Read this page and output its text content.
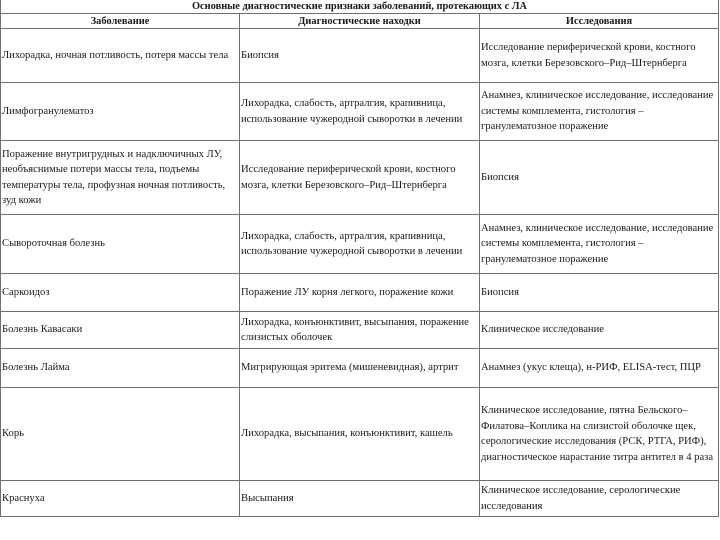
Основные диагностические признаки заболеваний, протекающих с ЛА		
Заболевание	Диагностические находки	Исследования
Лихорадка, ночная потливость, потеря массы тела	Биопсия	Исследование периферической крови, костного мозга, клетки Березовского–Рид–Штернберга
Лимфогранулематоз	Лихорадка, слабость, артралгия, крапивница, использование чужеродной сыворотки в лечении	Анамнез, клиническое исследование, исследование системы комплемента, гистология – гранулематозное поражение
Поражение внутригрудных и надключичных ЛУ, необъяснимые потери массы тела, подъемы температуры тела, профузная ночная потливость, зуд кожи	Исследование периферической крови, костного мозга, клетки Березовского–Рид–Штернберга	Биопсия
Сывороточная болезнь	Лихорадка, слабость, артралгия, крапивница, использование чужеродной сыворотки в лечении	Анамнез, клиническое исследование, исследование системы комплемента, гистология – гранулематозное поражение
Саркоидоз	Поражение ЛУ корня легкого, поражение кожи	Биопсия
Болезнь Кавасаки	Лихорадка, конъюнктивит, высыпания, поражение слизистых оболочек	Клиническое исследование
Болезнь Лайма	Мигрирующая эритема (мишеневидная), артрит	Анамнез (укус клеща), н-РИФ, ELISA-тест, ПЦР
Корь	Лихорадка, высыпания, конъюнктивит, кашель	Клиническое исследование, пятна Бельского–Филатова–Коплика на слизистой оболочке щек, серологические исследования (РСК, РТГА, РИФ), диагностическое нарастание титра антител в 4 раза
Краснуха	Высыпания	Клиническое исследование, серологические исследования
